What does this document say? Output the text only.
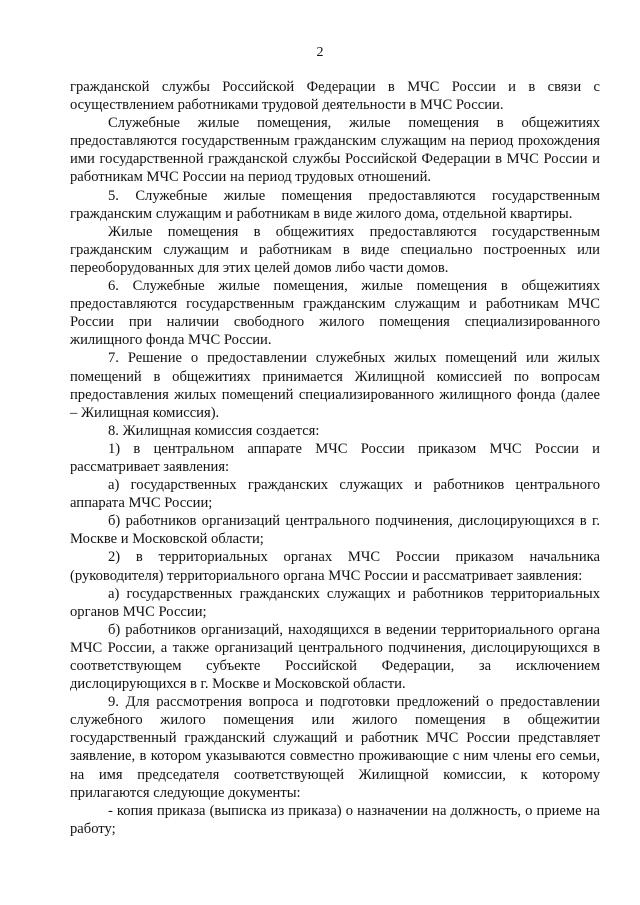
2

гражданской службы Российской Федерации в МЧС России и в связи с осуществлением работниками трудовой деятельности в МЧС России.

Служебные жилые помещения, жилые помещения в общежитиях предоставляются государственным гражданским служащим на период прохождения ими государственной гражданской службы Российской Федерации в МЧС России и работникам МЧС России на период трудовых отношений.

5. Служебные жилые помещения предоставляются государственным гражданским служащим и работникам в виде жилого дома, отдельной квартиры.

Жилые помещения в общежитиях предоставляются государственным гражданским служащим и работникам в виде специально построенных или переоборудованных для этих целей домов либо части домов.

6. Служебные жилые помещения, жилые помещения в общежитиях предоставляются государственным гражданским служащим и работникам МЧС России при наличии свободного жилого помещения специализированного жилищного фонда МЧС России.

7. Решение о предоставлении служебных жилых помещений или жилых помещений в общежитиях принимается Жилищной комиссией по вопросам предоставления жилых помещений специализированного жилищного фонда (далее – Жилищная комиссия).

8. Жилищная комиссия создается:

1) в центральном аппарате МЧС России приказом МЧС России и рассматривает заявления:

а) государственных гражданских служащих и работников центрального аппарата МЧС России;

б) работников организаций центрального подчинения, дислоцирующихся в г. Москве и Московской области;

2) в территориальных органах МЧС России приказом начальника (руководителя) территориального органа МЧС России и рассматривает заявления:

а) государственных гражданских служащих и работников территориальных органов МЧС России;

б) работников организаций, находящихся в ведении территориального органа МЧС России, а также организаций центрального подчинения, дислоцирующихся в соответствующем субъекте Российской Федерации, за исключением дислоцирующихся в г. Москве и Московской области.

9. Для рассмотрения вопроса и подготовки предложений о предоставлении служебного жилого помещения или жилого помещения в общежитии государственный гражданский служащий и работник МЧС России представляет заявление, в котором указываются совместно проживающие с ним члены его семьи, на имя председателя соответствующей Жилищной комиссии, к которому прилагаются следующие документы:

- копия приказа (выписка из приказа) о назначении на должность, о приеме на работу;
